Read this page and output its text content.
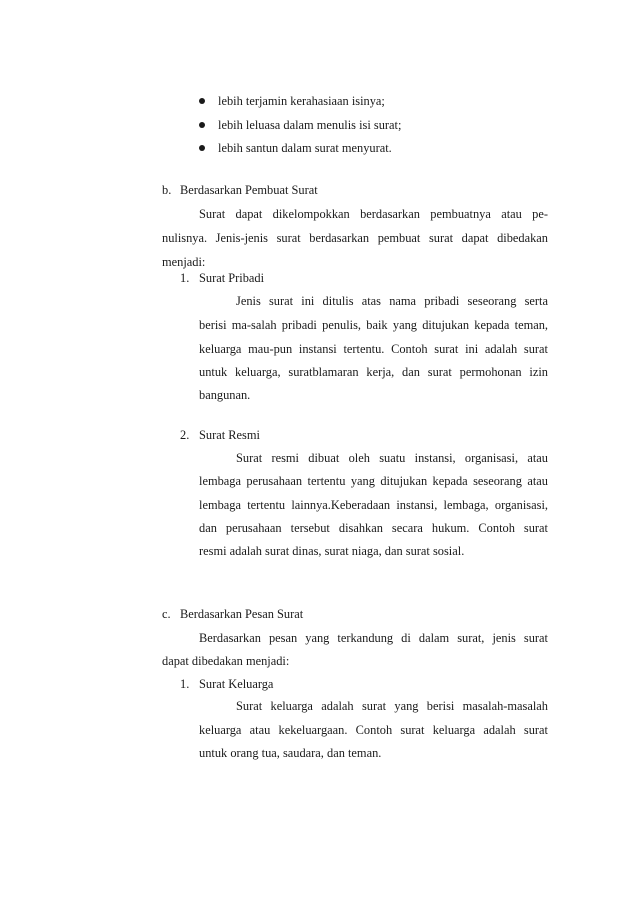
lebih terjamin kerahasiaan isinya;
lebih leluasa dalam menulis isi surat;
lebih santun dalam surat menyurat.
b. Berdasarkan Pembuat Surat
Surat dapat dikelompokkan berdasarkan pembuatnya atau pe-
nulisnya. Jenis-jenis surat berdasarkan pembuat surat dapat dibedakan
menjadi:
1. Surat Pribadi
Jenis surat ini ditulis atas nama pribadi seseorang serta
berisi ma-salah pribadi penulis, baik yang ditujukan kepada teman,
keluarga mau-pun instansi tertentu. Contoh surat ini adalah surat
untuk keluarga, suratblamaran kerja, dan surat permohonan izin
bangunan.
2. Surat Resmi
Surat resmi dibuat oleh suatu instansi, organisasi, atau
lembaga perusahaan tertentu yang ditujukan kepada seseorang atau
lembaga tertentu lainnya.Keberadaan instansi, lembaga, organisasi,
dan perusahaan tersebut disahkan secara hukum. Contoh surat
resmi adalah surat dinas, surat niaga, dan surat sosial.
c. Berdasarkan Pesan Surat
Berdasarkan pesan yang terkandung di dalam surat, jenis surat
dapat dibedakan menjadi:
1. Surat Keluarga
Surat keluarga adalah surat yang berisi masalah-masalah
keluarga atau kekeluargaan. Contoh surat keluarga adalah surat
untuk orang tua, saudara, dan teman.
